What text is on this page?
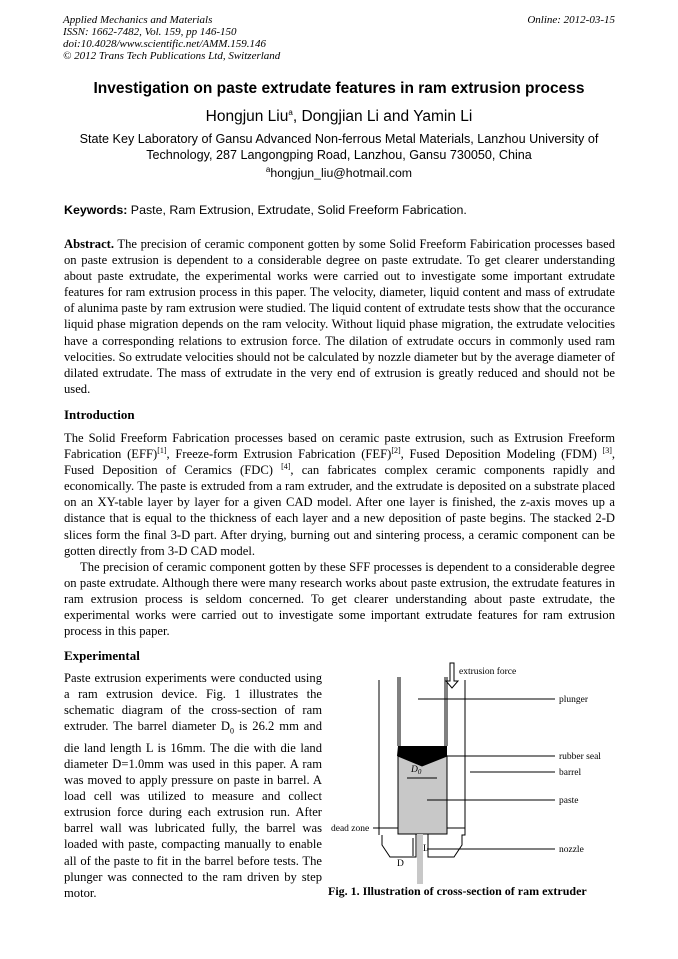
Applied Mechanics and Materials
ISSN: 1662-7482, Vol. 159, pp 146-150
doi:10.4028/www.scientific.net/AMM.159.146
© 2012 Trans Tech Publications Ltd, Switzerland
Online: 2012-03-15
Investigation on paste extrudate features in ram extrusion process
Hongjun Liu$^a$, Dongjian Li and Yamin Li
State Key Laboratory of Gansu Advanced Non-ferrous Metal Materials, Lanzhou University of Technology, 287 Langongping Road, Lanzhou, Gansu 730050, China
$^a$hongjun_liu@hotmail.com
Keywords: Paste, Ram Extrusion, Extrudate, Solid Freeform Fabrication.
Abstract. The precision of ceramic component gotten by some Solid Freeform Fabirication processes based on paste extrusion is dependent to a considerable degree on paste extrudate. To get clearer understanding about paste extrudate, the experimental works were carried out to investigate some important extrudate features for ram extrusion process in this paper. The velocity, diameter, liquid content and mass of extrudate of alunima paste by ram extrusion were studied. The liquid content of extrudate tests show that the occurance liquid phase migration depends on the ram velocity. Without liquid phase migration, the extrudate velocities have a corresponding relations to extrusion force. The dilation of extrudate occurs in commonly used ram velocities. So extrudate velocities should not be calculated by nozzle diameter but by the average diameter of dilated extrudate. The mass of extrudate in the very end of extrusion is greatly reduced and should not be used.
Introduction

The Solid Freeform Fabrication processes based on ceramic paste extrusion, such as Extrusion Freeform Fabrication (EFF)[1], Freeze-form Extrusion Fabrication (FEF)[2], Fused Deposition Modeling (FDM) [3], Fused Deposition of Ceramics (FDC) [4], can fabricates complex ceramic components rapidly and economically. The paste is extruded from a ram extruder, and the extrudate is deposited on a substrate placed on an XY-table layer by layer for a given CAD model. After one layer is finished, the z-axis moves up a distance that is equal to the thickness of each layer and a new deposition of paste begins. The stacked 2-D slices form the final 3-D part. After drying, burning out and sintering process, a ceramic component can be gotten directly from 3-D CAD model.

The precision of ceramic component gotten by these SFF processes is dependent to a considerable degree on paste extrudate. Although there were many research works about paste extrusion, the extrudate features in ram extrusion process is seldom concerned. To get clearer understanding about paste extrudate, the experimental works were carried out to investigate some important extrudate features for ram extrusion process in this paper.

Experimental
Paste extrusion experiments were conducted using a ram extrusion device. Fig. 1 illustrates the schematic diagram of the cross-section of ram extruder. The barrel diameter $D_0$ is 26.2 mm and die land length L is 16mm. The die with die land diameter D=1.0mm was used in this paper. A ram was moved to apply pressure on paste in barrel. A load cell was utilized to measure and collect extrusion force during each extrusion run. After barrel wall was lubricated fully, the barrel was loaded with paste, compacting manually to enable all of the paste to fit in the barrel before tests. The plunger was connected to the ram driven by step motor.
extrusion force
$D_0$
L
D
plunger
rubber seal
barrel
paste
dead zone
nozzle
Fig. 1. Illustration of cross-section of ram extruder
